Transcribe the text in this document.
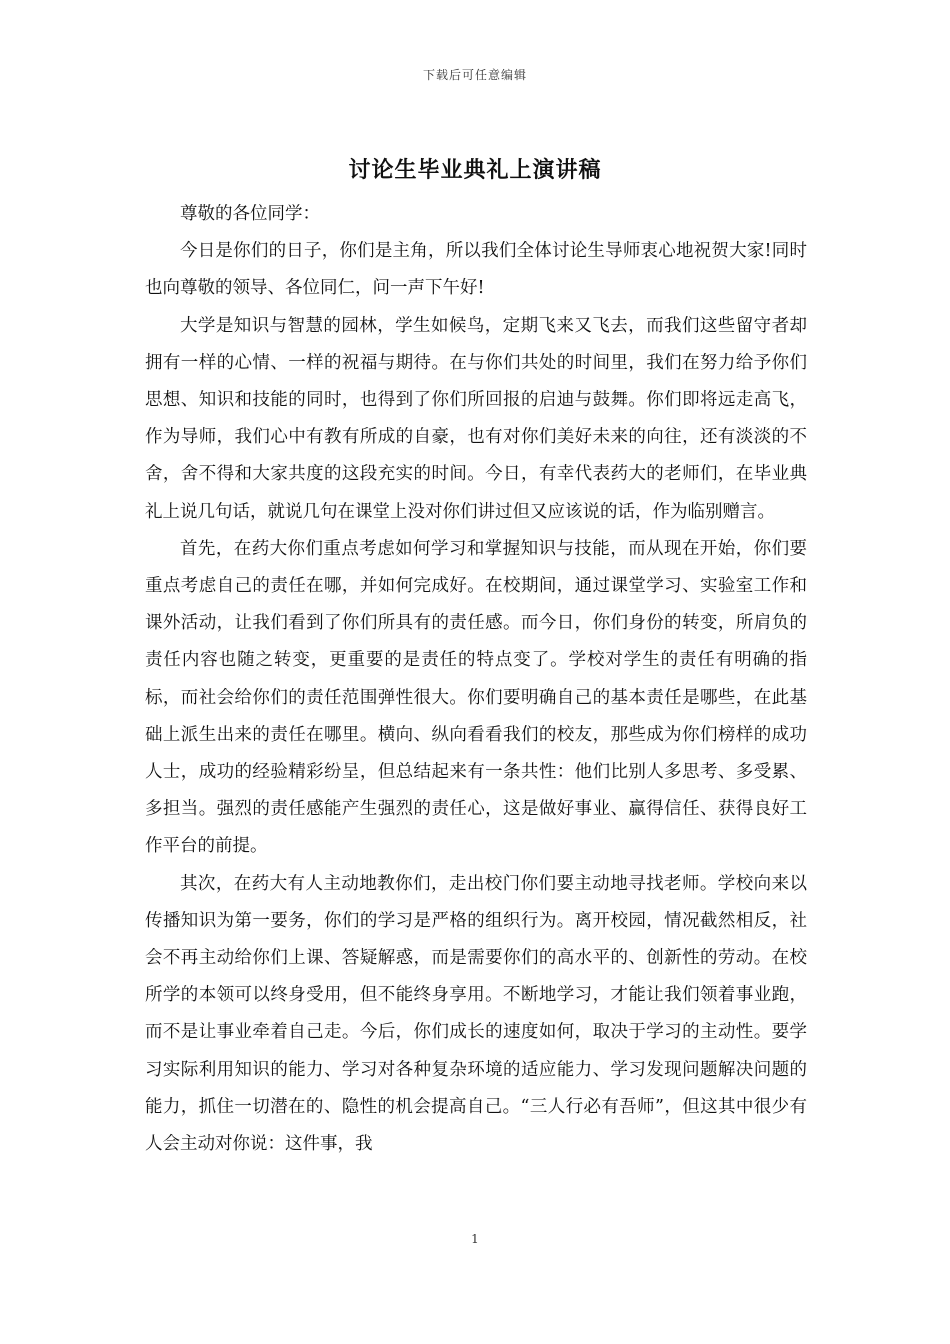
下载后可任意编辑
讨论生毕业典礼上演讲稿

尊敬的各位同学：

今日是你们的日子，你们是主角，所以我们全体讨论生导师衷心地祝贺大家!同时也向尊敬的领导、各位同仁，问一声下午好!

大学是知识与智慧的园林，学生如候鸟，定期飞来又飞去，而我们这些留守者却拥有一样的心情、一样的祝福与期待。在与你们共处的时间里，我们在努力给予你们思想、知识和技能的同时，也得到了你们所回报的启迪与鼓舞。你们即将远走高飞，作为导师，我们心中有教有所成的自豪，也有对你们美好未来的向往，还有淡淡的不舍，舍不得和大家共度的这段充实的时间。今日，有幸代表药大的老师们，在毕业典礼上说几句话，就说几句在课堂上没对你们讲过但又应该说的话，作为临别赠言。

首先，在药大你们重点考虑如何学习和掌握知识与技能，而从现在开始，你们要重点考虑自己的责任在哪，并如何完成好。在校期间，通过课堂学习、实验室工作和课外活动，让我们看到了你们所具有的责任感。而今日，你们身份的转变，所肩负的责任内容也随之转变，更重要的是责任的特点变了。学校对学生的责任有明确的指标，而社会给你们的责任范围弹性很大。你们要明确自己的基本责任是哪些，在此基础上派生出来的责任在哪里。横向、纵向看看我们的校友，那些成为你们榜样的成功人士，成功的经验精彩纷呈，但总结起来有一条共性：他们比别人多思考、多受累、多担当。强烈的责任感能产生强烈的责任心，这是做好事业、赢得信任、获得良好工作平台的前提。

其次，在药大有人主动地教你们，走出校门你们要主动地寻找老师。学校向来以传播知识为第一要务，你们的学习是严格的组织行为。离开校园，情况截然相反，社会不再主动给你们上课、答疑解惑，而是需要你们的高水平的、创新性的劳动。在校所学的本领可以终身受用，但不能终身享用。不断地学习，才能让我们领着事业跑，而不是让事业牵着自己走。今后，你们成长的速度如何，取决于学习的主动性。要学习实际利用知识的能力、学习对各种复杂环境的适应能力、学习发现问题解决问题的能力，抓住一切潜在的、隐性的机会提高自己。“三人行必有吾师”，但这其中很少有人会主动对你说：这件事，我

1
